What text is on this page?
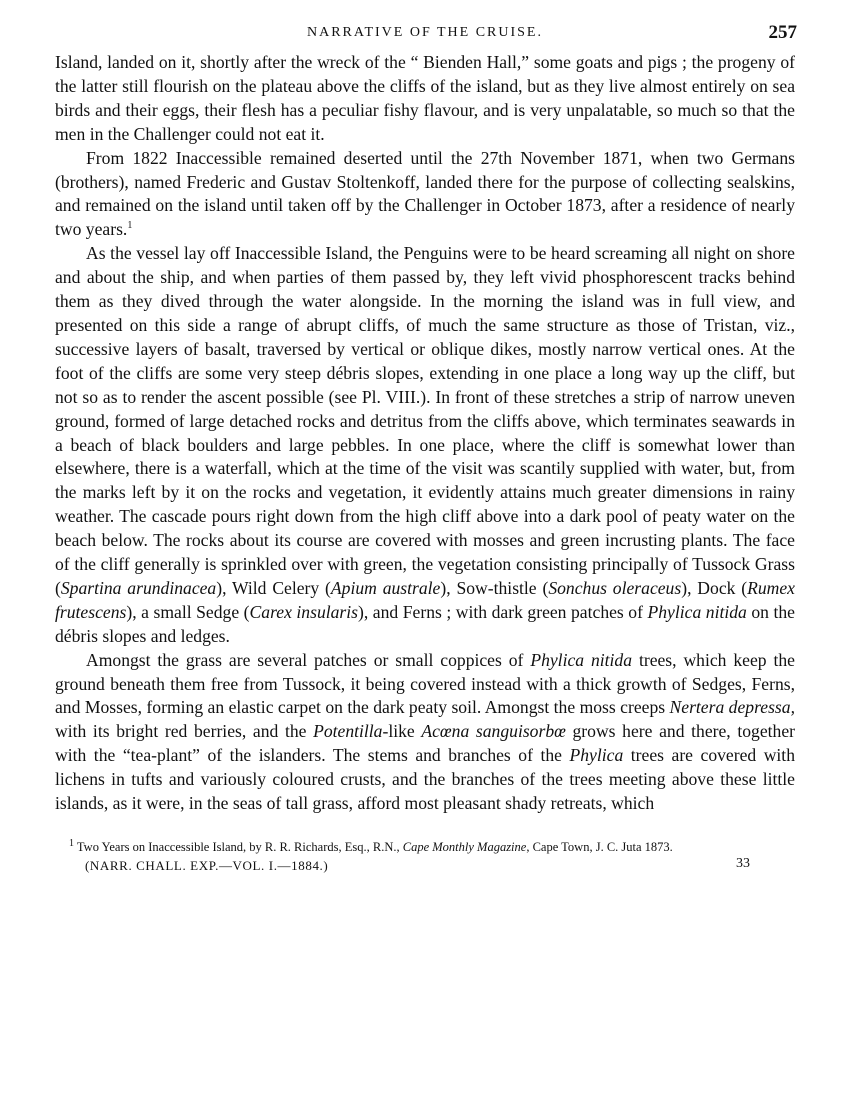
NARRATIVE OF THE CRUISE.	257

Island, landed on it, shortly after the wreck of the “ Bienden Hall,” some goats and pigs ; the progeny of the latter still flourish on the plateau above the cliffs of the island, but as they live almost entirely on sea birds and their eggs, their flesh has a peculiar fishy flavour, and is very unpalatable, so much so that the men in the Challenger could not eat it.

From 1822 Inaccessible remained deserted until the 27th November 1871, when two Germans (brothers), named Frederic and Gustav Stoltenkoff, landed there for the purpose of collecting sealskins, and remained on the island until taken off by the Challenger in October 1873, after a residence of nearly two years.$^1$

As the vessel lay off Inaccessible Island, the Penguins were to be heard screaming all night on shore and about the ship, and when parties of them passed by, they left vivid phosphorescent tracks behind them as they dived through the water alongside. In the morning the island was in full view, and presented on this side a range of abrupt cliffs, of much the same structure as those of Tristan, viz., successive layers of basalt, traversed by vertical or oblique dikes, mostly narrow vertical ones. At the foot of the cliffs are some very steep débris slopes, extending in one place a long way up the cliff, but not so as to render the ascent possible (see Pl. VIII.). In front of these stretches a strip of narrow uneven ground, formed of large detached rocks and detritus from the cliffs above, which terminates seawards in a beach of black boulders and large pebbles. In one place, where the cliff is somewhat lower than elsewhere, there is a waterfall, which at the time of the visit was scantily supplied with water, but, from the marks left by it on the rocks and vegetation, it evidently attains much greater dimensions in rainy weather. The cascade pours right down from the high cliff above into a dark pool of peaty water on the beach below. The rocks about its course are covered with mosses and green incrusting plants. The face of the cliff generally is sprinkled over with green, the vegetation consisting principally of Tussock Grass (Spartina arundinacea), Wild Celery (Apium australe), Sow-thistle (Sonchus oleraceus), Dock (Rumex frutescens), a small Sedge (Carex insularis), and Ferns ; with dark green patches of Phylica nitida on the débris slopes and ledges.

Amongst the grass are several patches or small coppices of Phylica nitida trees, which keep the ground beneath them free from Tussock, it being covered instead with a thick growth of Sedges, Ferns, and Mosses, forming an elastic carpet on the dark peaty soil. Amongst the moss creeps Nertera depressa, with its bright red berries, and the Potentilla-like Acœna sanguisorbœ grows here and there, together with the “tea-plant” of the islanders. The stems and branches of the Phylica trees are covered with lichens in tufts and variously coloured crusts, and the branches of the trees meeting above these little islands, as it were, in the seas of tall grass, afford most pleasant shady retreats, which

$^1$ Two Years on Inaccessible Island, by R. R. Richards, Esq., R.N., Cape Monthly Magazine, Cape Town, J. C. Juta 1873.
(NARR. CHALL. EXP.—VOL. I.—1884.)	33
